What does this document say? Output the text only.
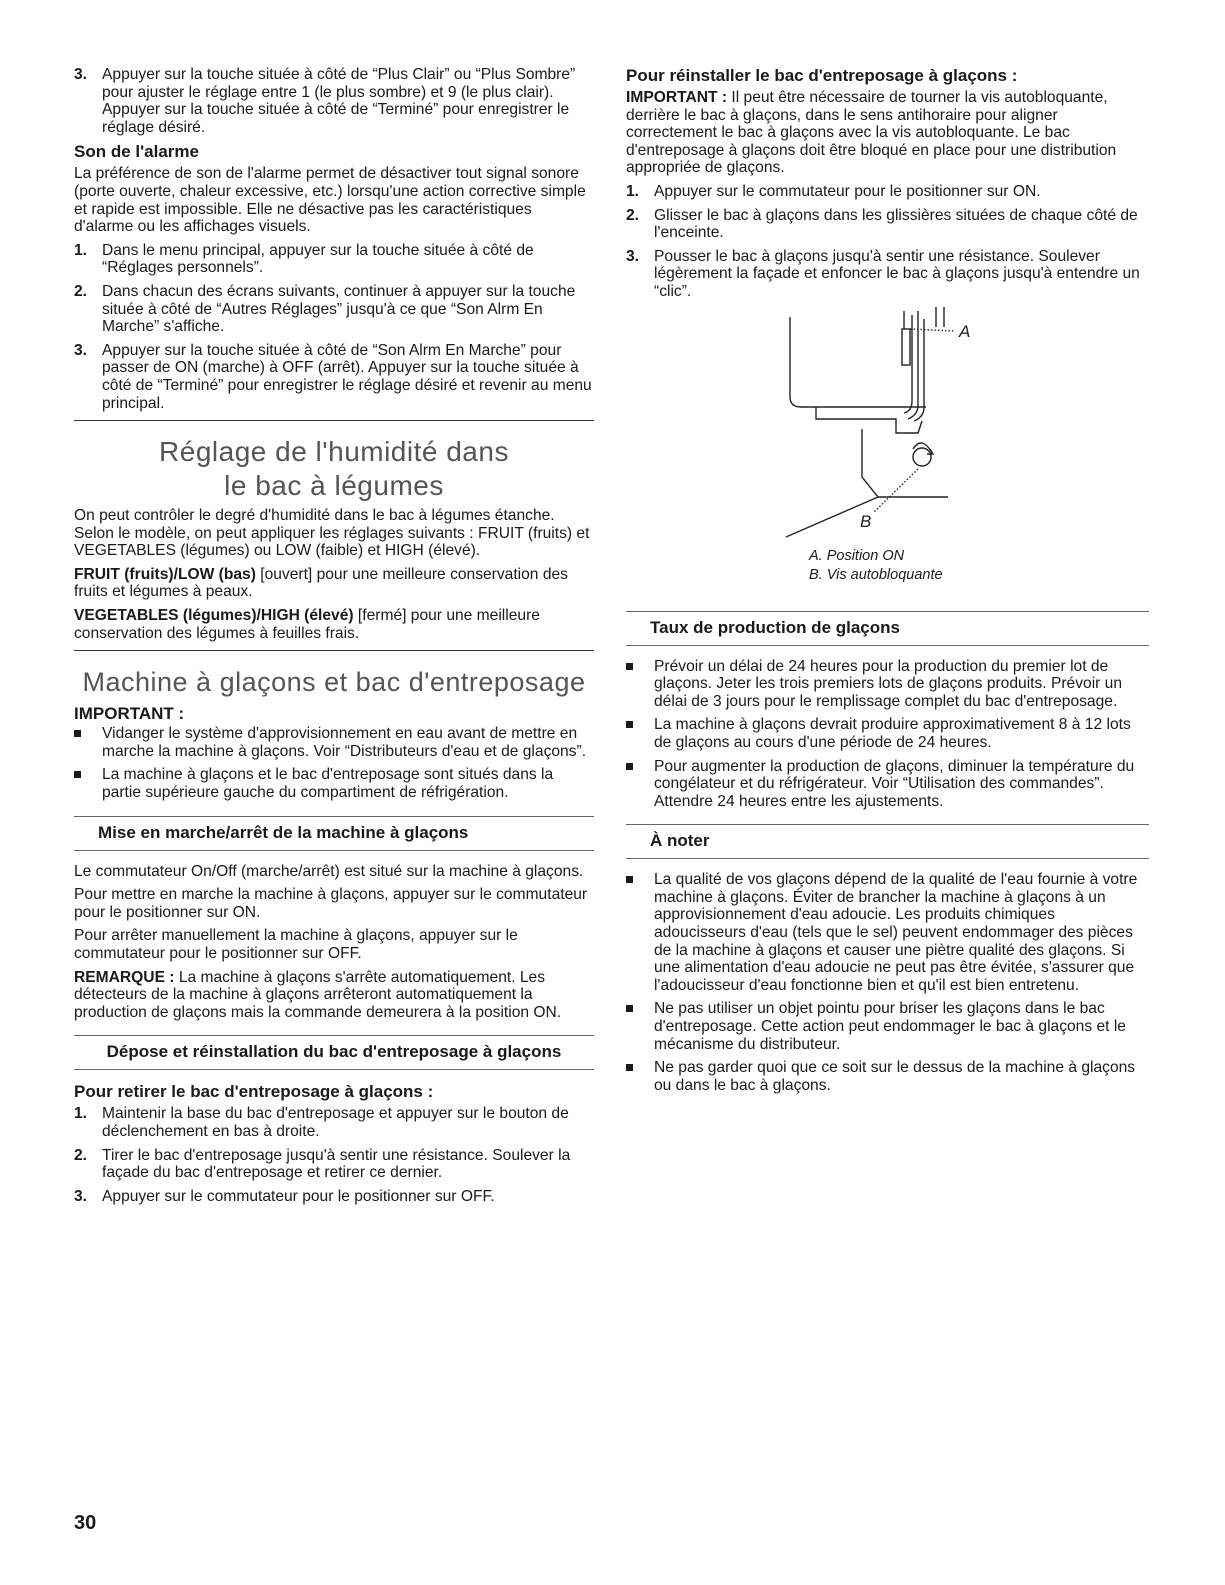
3. Appuyer sur la touche située à côté de “Plus Clair” ou “Plus Sombre” pour ajuster le réglage entre 1 (le plus sombre) et 9 (le plus clair). Appuyer sur la touche située à côté de “Terminé” pour enregistrer le réglage désiré.
Son de l'alarme

La préférence de son de l'alarme permet de désactiver tout signal sonore (porte ouverte, chaleur excessive, etc.) lorsqu'une action corrective simple et rapide est impossible. Elle ne désactive pas les caractéristiques d'alarme ou les affichages visuels.

1. Dans le menu principal, appuyer sur la touche située à côté de “Réglages personnels”.
2. Dans chacun des écrans suivants, continuer à appuyer sur la touche située à côté de “Autres Réglages” jusqu'à ce que “Son Alrm En Marche” s'affiche.
3. Appuyer sur la touche située à côté de “Son Alrm En Marche” pour passer de ON (marche) à OFF (arrêt). Appuyer sur la touche située à côté de “Terminé” pour enregistrer le réglage désiré et revenir au menu principal.
Réglage de l'humidité dans
le bac à légumes

On peut contrôler le degré d'humidité dans le bac à légumes étanche. Selon le modèle, on peut appliquer les réglages suivants : FRUIT (fruits) et VEGETABLES (légumes) ou LOW (faible) et HIGH (élevé).

FRUIT (fruits)/LOW (bas) [ouvert] pour une meilleure conservation des fruits et légumes à peaux.

VEGETABLES (légumes)/HIGH (élevé) [fermé] pour une meilleure conservation des légumes à feuilles frais.

Machine à glaçons et bac d'entreposage
IMPORTANT :
Vidanger le système d'approvisionnement en eau avant de mettre en marche la machine à glaçons. Voir “Distributeurs d'eau et de glaçons”.
La machine à glaçons et le bac d'entreposage sont situés dans la partie supérieure gauche du compartiment de réfrigération.
Mise en marche/arrêt de la machine à glaçons

Le commutateur On/Off (marche/arrêt) est situé sur la machine à glaçons.

Pour mettre en marche la machine à glaçons, appuyer sur le commutateur pour le positionner sur ON.

Pour arrêter manuellement la machine à glaçons, appuyer sur le commutateur pour le positionner sur OFF.

REMARQUE : La machine à glaçons s'arrête automatiquement. Les détecteurs de la machine à glaçons arrêteront automatiquement la production de glaçons mais la commande demeurera à la position ON.

Dépose et réinstallation du bac d'entreposage à glaçons
Pour retirer le bac d'entreposage à glaçons :
1. Maintenir la base du bac d'entreposage et appuyer sur le bouton de déclenchement en bas à droite.
2. Tirer le bac d'entreposage jusqu'à sentir une résistance. Soulever la façade du bac d'entreposage et retirer ce dernier.
3. Appuyer sur le commutateur pour le positionner sur OFF.
Pour réinstaller le bac d'entreposage à glaçons :

IMPORTANT : Il peut être nécessaire de tourner la vis autobloquante, derrière le bac à glaçons, dans le sens antihoraire pour aligner correctement le bac à glaçons avec la vis autobloquante. Le bac d'entreposage à glaçons doit être bloqué en place pour une distribution appropriée de glaçons.

1. Appuyer sur le commutateur pour le positionner sur ON.
2. Glisser le bac à glaçons dans les glissières situées de chaque côté de l'enceinte.
3. Pousser le bac à glaçons jusqu'à sentir une résistance. Soulever légèrement la façade et enfoncer le bac à glaçons jusqu'à entendre un “clic”.
A
B
A. Position ON
B. Vis autobloquante
Taux de production de glaçons
Prévoir un délai de 24 heures pour la production du premier lot de glaçons. Jeter les trois premiers lots de glaçons produits. Prévoir un délai de 3 jours pour le remplissage complet du bac d'entreposage.
La machine à glaçons devrait produire approximativement 8 à 12 lots de glaçons au cours d'une période de 24 heures.
Pour augmenter la production de glaçons, diminuer la température du congélateur et du réfrigérateur. Voir “Utilisation des commandes”. Attendre 24 heures entre les ajustements.
À noter
La qualité de vos glaçons dépend de la qualité de l'eau fournie à votre machine à glaçons. Éviter de brancher la machine à glaçons à un approvisionnement d'eau adoucie. Les produits chimiques adoucisseurs d'eau (tels que le sel) peuvent endommager des pièces de la machine à glaçons et causer une piètre qualité des glaçons. Si une alimentation d'eau adoucie ne peut pas être évitée, s'assurer que l'adoucisseur d'eau fonctionne bien et qu'il est bien entretenu.
Ne pas utiliser un objet pointu pour briser les glaçons dans le bac d'entreposage. Cette action peut endommager le bac à glaçons et le mécanisme du distributeur.
Ne pas garder quoi que ce soit sur le dessus de la machine à glaçons ou dans le bac à glaçons.
30
